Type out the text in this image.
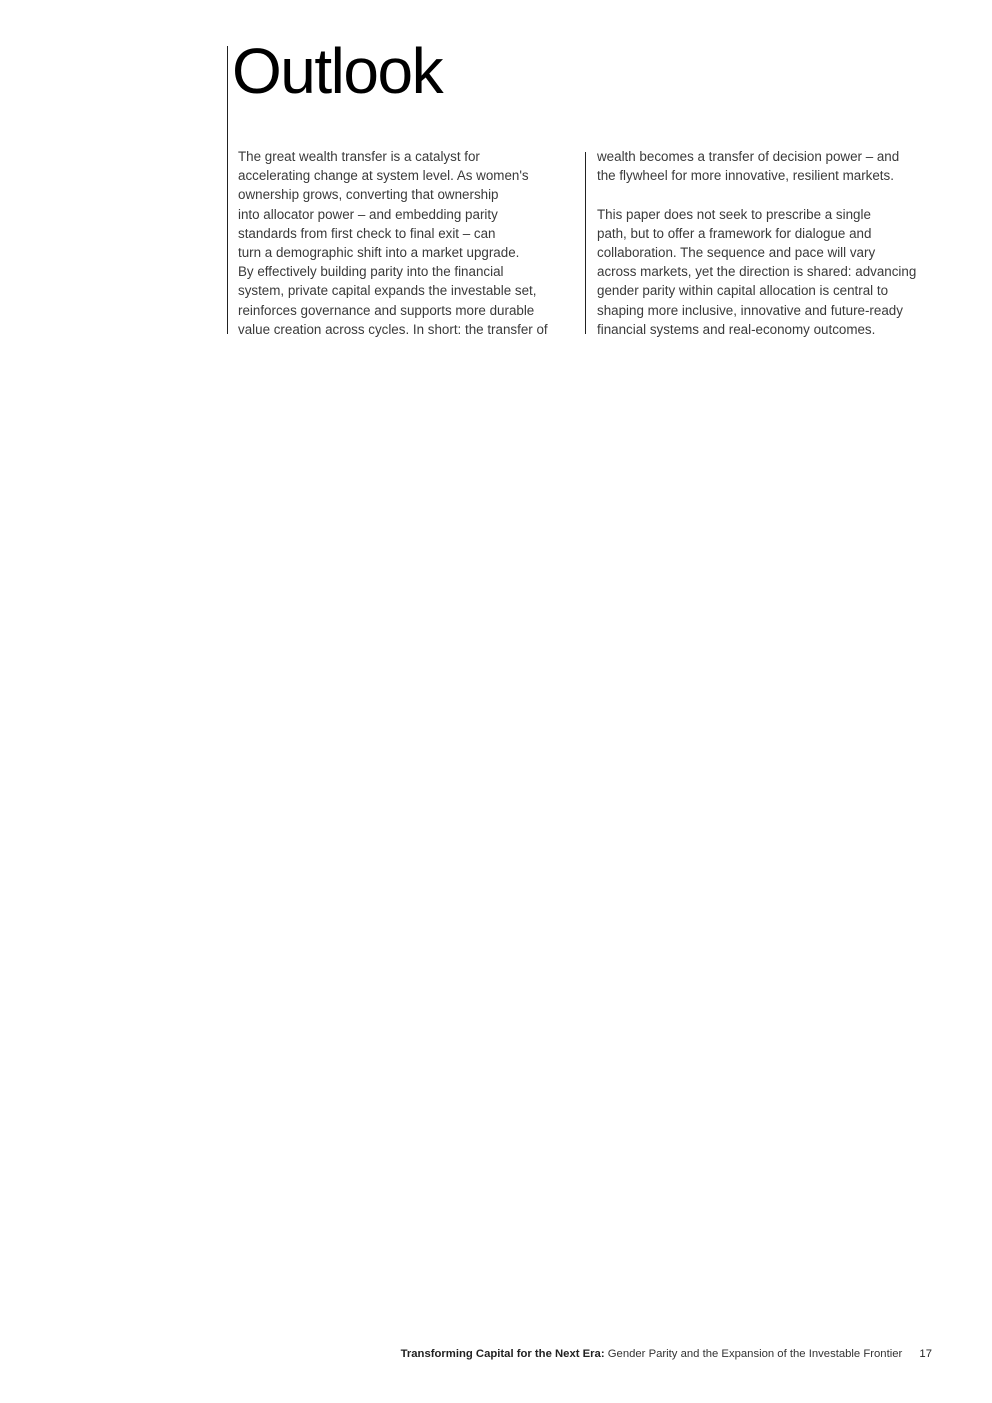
Outlook
The great wealth transfer is a catalyst for
accelerating change at system level. As women's
ownership grows, converting that ownership
into allocator power – and embedding parity
standards from first check to final exit – can
turn a demographic shift into a market upgrade.
By effectively building parity into the financial
system, private capital expands the investable set,
reinforces governance and supports more durable
value creation across cycles. In short: the transfer of
wealth becomes a transfer of decision power – and
the flywheel for more innovative, resilient markets.
This paper does not seek to prescribe a single
path, but to offer a framework for dialogue and
collaboration. The sequence and pace will vary
across markets, yet the direction is shared: advancing
gender parity within capital allocation is central to
shaping more inclusive, innovative and future-ready
financial systems and real-economy outcomes.
Transforming Capital for the Next Era: Gender Parity and the Expansion of the Investable Frontier 17
